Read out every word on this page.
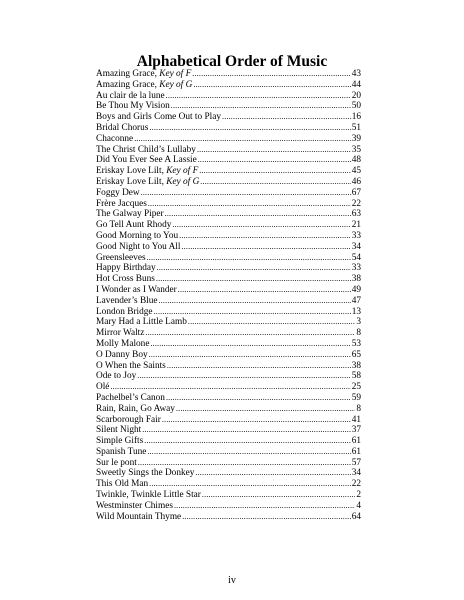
Alphabetical Order of Music
Amazing Grace, Key of F .....	43
Amazing Grace, Key of G .....	44
Au clair de la lune .....	20
Be Thou My Vision .....	50
Boys and Girls Come Out to Play .....	16
Bridal Chorus .....	51
Chaconne .....	39
The Christ Child’s Lullaby .....	35
Did You Ever See A Lassie .....	48
Eriskay Love Lilt, Key of F .....	45
Eriskay Love Lilt, Key of G .....	46
Foggy Dew .....	67
Frère Jacques .....	22
The Galway Piper .....	63
Go Tell Aunt Rhody .....	21
Good Morning to You .....	33
Good Night to You All .....	34
Greensleeves .....	54
Happy Birthday .....	33
Hot Cross Buns .....	38
I Wonder as I Wander .....	49
Lavender’s Blue .....	47
London Bridge .....	13
Mary Had a Little Lamb .....	3
Mirror Waltz .....	8
Molly Malone .....	53
O Danny Boy .....	65
O When the Saints .....	38
Ode to Joy .....	58
Olé .....	25
Pachelbel’s Canon .....	59
Rain, Rain, Go Away .....	8
Scarborough Fair .....	41
Silent Night .....	37
Simple Gifts .....	61
Spanish Tune .....	61
Sur le pont .....	57
Sweetly Sings the Donkey .....	34
This Old Man .....	22
Twinkle, Twinkle Little Star .....	2
Westminster Chimes .....	4
Wild Mountain Thyme .....	64
iv
